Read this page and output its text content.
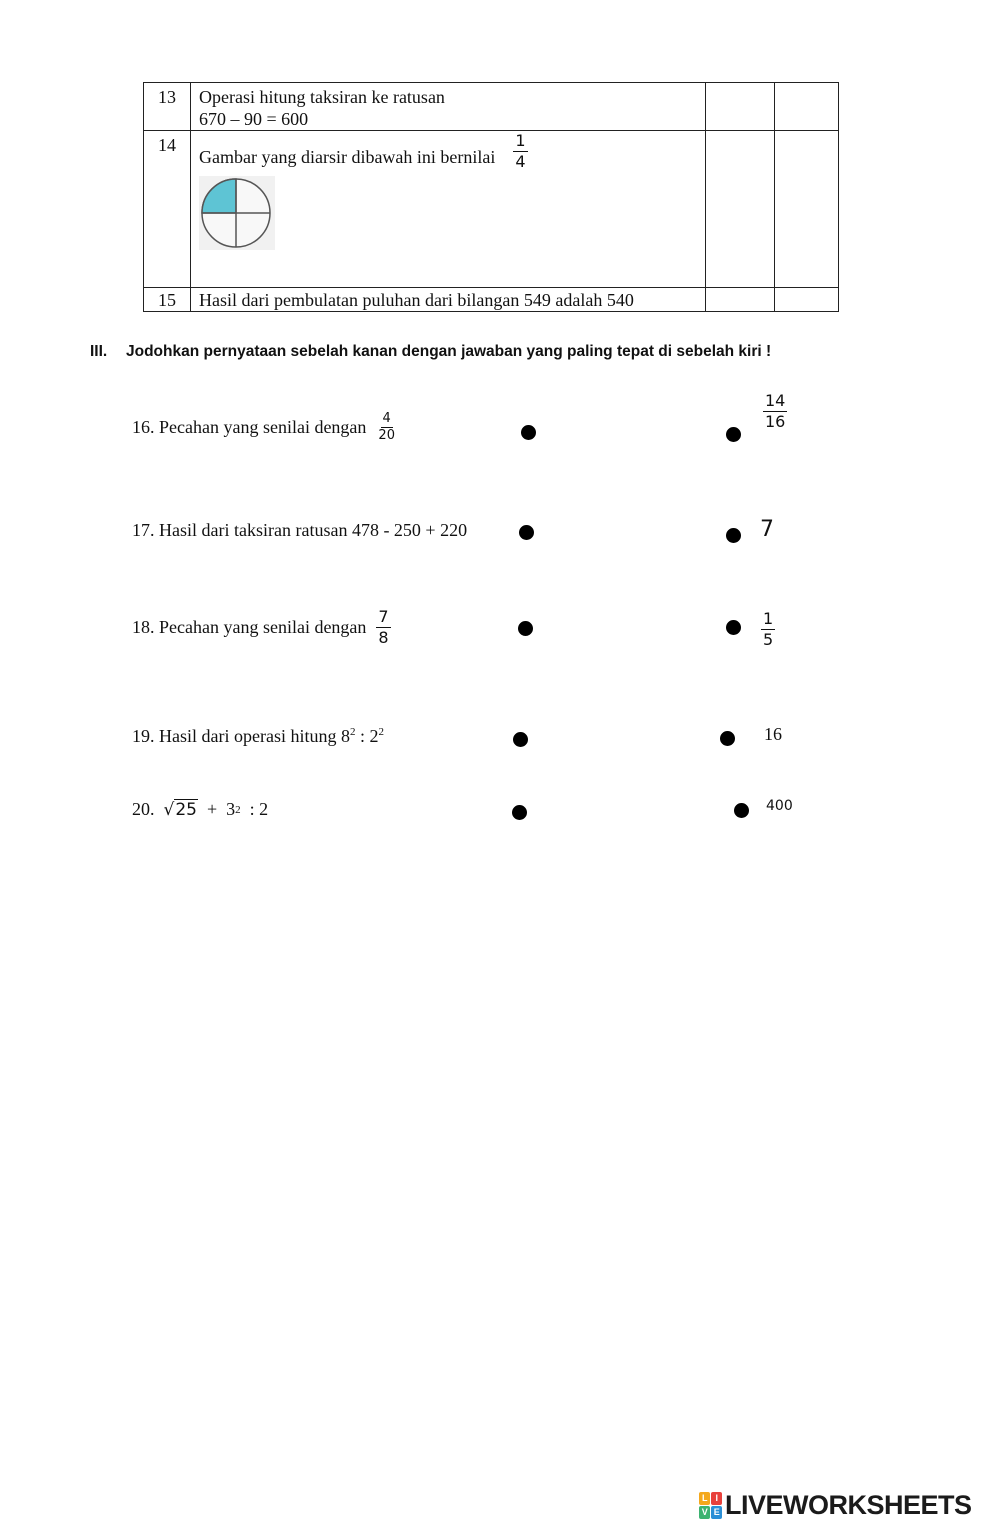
13	Operasi hitung taksiran ke ratusan
670 – 90 = 600		

14	Gambar yang diarsir dibawah ini bernilai $\frac{1}{4}$

15	Hasil dari pembulatan puluhan dari bilangan 549 adalah 540		
III. Jodohkan pernyataan sebelah kanan dengan jawaban yang paling tepat di sebelah kiri !
16. Pecahan yang senilai dengan $\frac{4}{20}$
17. Hasil dari taksiran ratusan 478 - 250 + 220
18. Pecahan yang senilai dengan $\frac{7}{8}$
19. Hasil dari operasi hitung $8^2$ : $2^2$
20. √25 +  3 2 : 2
$\frac{14}{16}$
7
$\frac{1}{5}$
16
400
L I
V E LIVEWORKSHEETS
